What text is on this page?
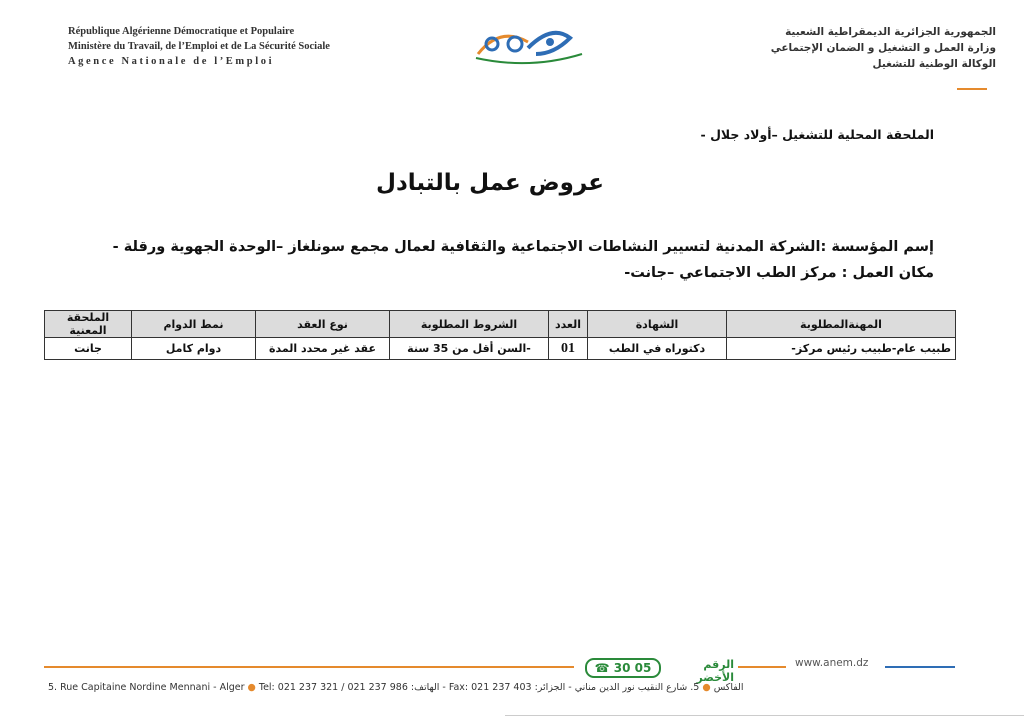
République Algérienne Démocratique et Populaire
Ministère du Travail, de l’Emploi et de La Sécurité Sociale
Agence Nationale de l’Emploi
الجمهورية الجزائرية الديمقراطية الشعبية
وزارة العمل و التشغيل و الضمان الإجتماعي
الوكالة الوطنية للتشغيل
الملحقة المحلية للتشغيل –أولاد جلال -
عروض عمل بالتبادل
إسم المؤسسة :الشركة المدنية لتسيير النشاطات الاجتماعية والثقافية لعمال مجمع سونلغاز –الوحدة الجهوية ورقلة -
مكان العمل : مركز الطب الاجتماعي –جانت-
المهنةالمطلوبة	الشهادة	العدد	الشروط المطلوبة	نوع العقد	نمط الدوام	الملحقة المعنية
طبيب عام-طبيب رئيس مركز-	دكتوراه في الطب	01	-السن أقل من 35 سنة	عقد غير محدد المدة	دوام كامل	جانت
☎ 30 05	الرقم الأخضر
www.anem.dz
5. Rue Capitaine Nordine Mennani - Alger ● Tel: 021 237 321 / 021 237 986 :الهاتف - Fax: 021 237 403 :الفاكس ● 5. شارع النقيب نور الدين مناني - الجزائر
